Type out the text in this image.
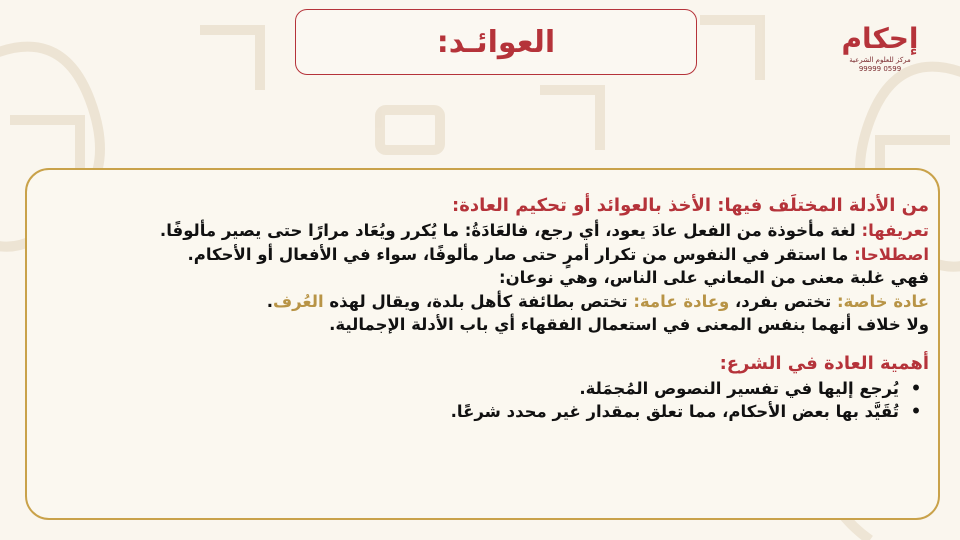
العوائـد:	إحكام
مركز للعلوم الشرعية
0599 99999
من الأدلة المختلَف فيها: الأخذ بالعوائد أو تحكيم العادة:
تعريفها: لغة مأخوذة من الفعل عادَ يعود، أي رجع، فالعَادَةُ: ما يُكرر ويُعَاد مرارًا حتى يصير مألوفًا.
اصطلاحا: ما استقر في النفوس من تكرار أمرٍ حتى صار مألوفًا، سواء في الأفعال أو الأحكام.
فهي غلبة معنى من المعاني على الناس، وهي نوعان:
عادة خاصة: تختص بفرد، وعادة عامة: تختص بطائفة كأهل بلدة، ويقال لهذه العُرف.
ولا خلاف أنهما بنفس المعنى في استعمال الفقهاء أي باب الأدلة الإجمالية.
أهمية العادة في الشرع:
• يُرجع إليها في تفسير النصوص المُجمَلة.
• تُقَيَّد بها بعض الأحكام، مما تعلق بمقدار غير محدد شرعًا.
